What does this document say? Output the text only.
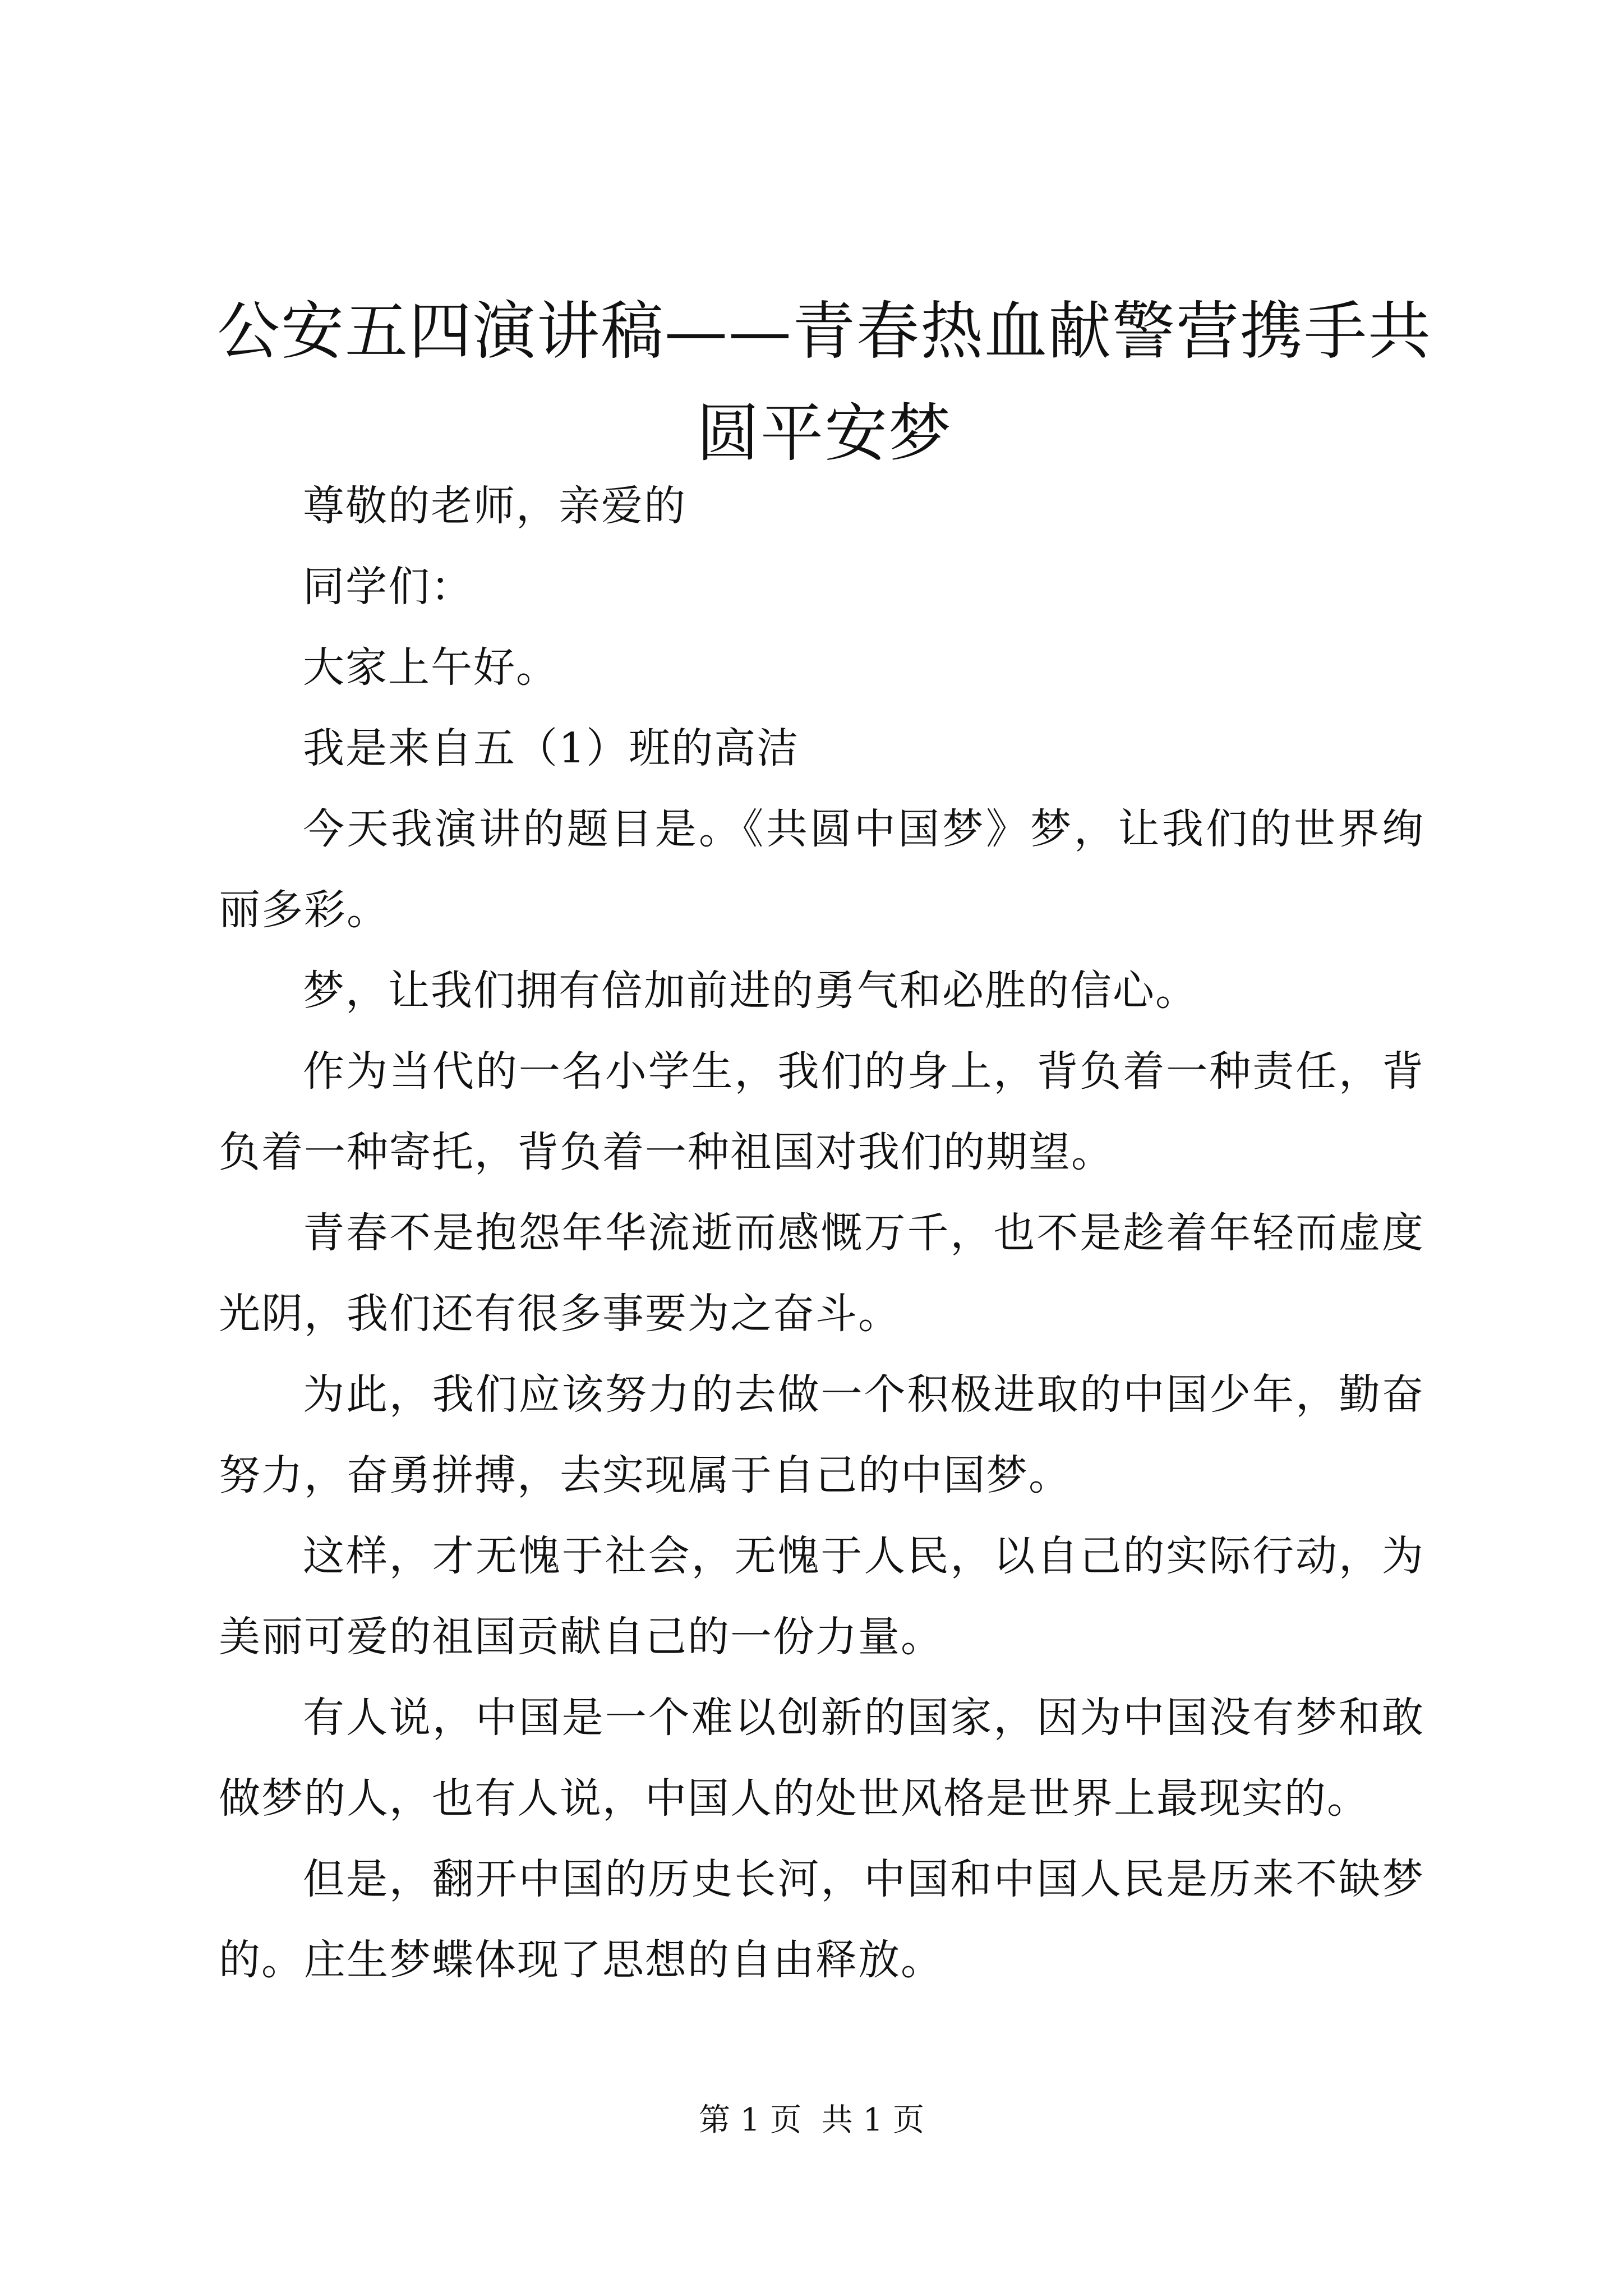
公安五四演讲稿——青春热血献警营携手共圆平安梦

尊敬的老师，亲爱的

同学们：

大家上午好。

我是来自五（1）班的高洁

今天我演讲的题目是。《共圆中国梦》梦，让我们的世界绚丽多彩。

梦，让我们拥有倍加前进的勇气和必胜的信心。

作为当代的一名小学生，我们的身上，背负着一种责任，背负着一种寄托，背负着一种祖国对我们的期望。

青春不是抱怨年华流逝而感慨万千，也不是趁着年轻而虚度光阴，我们还有很多事要为之奋斗。

为此，我们应该努力的去做一个积极进取的中国少年，勤奋努力，奋勇拼搏，去实现属于自己的中国梦。

这样，才无愧于社会，无愧于人民，以自己的实际行动，为美丽可爱的祖国贡献自己的一份力量。

有人说，中国是一个难以创新的国家，因为中国没有梦和敢做梦的人，也有人说，中国人的处世风格是世界上最现实的。

但是，翻开中国的历史长河，中国和中国人民是历来不缺梦的。庄生梦蝶体现了思想的自由释放。

第 1 页  共 1 页
